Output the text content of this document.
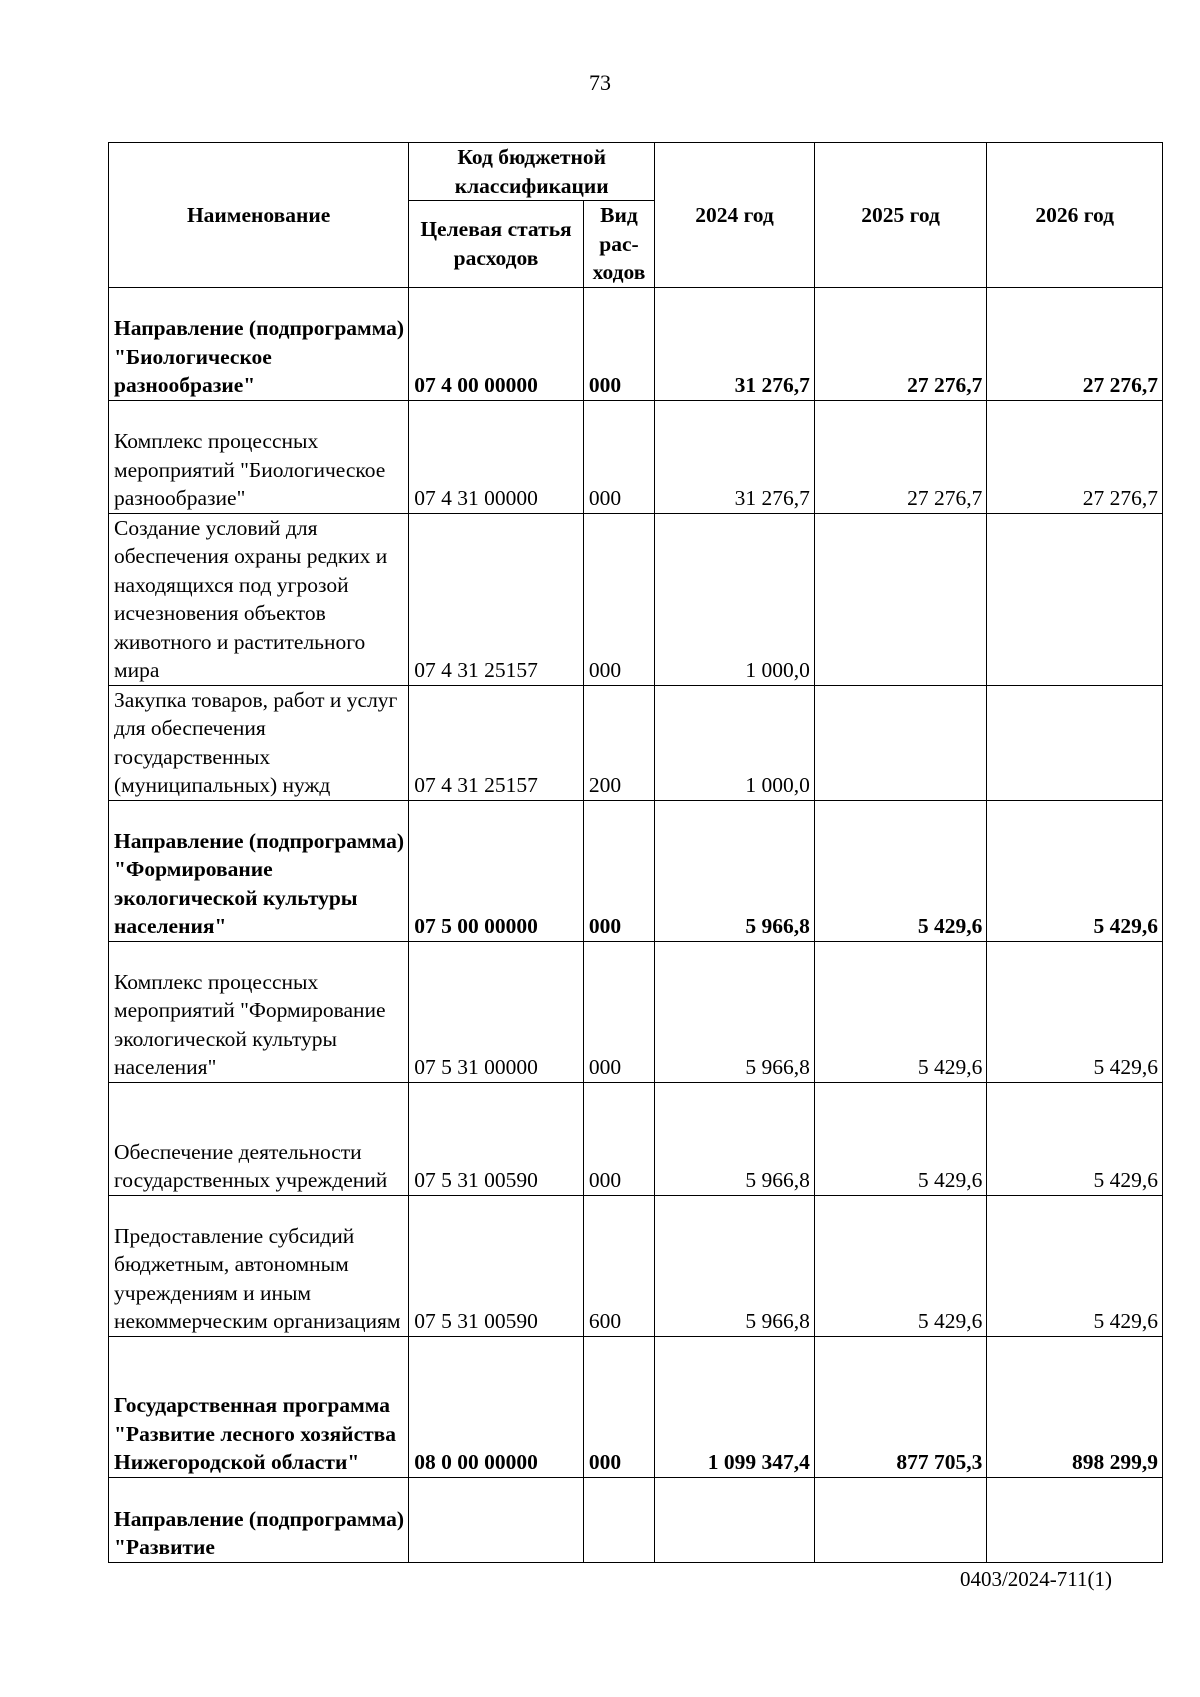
73
Наименование	Код бюджетной классификации		2024 год	2025 год	2026 год
	Целевая статья расходов	Вид рас-ходов			
Направление (подпрограмма) "Биологическое разнообразие"	07 4 00 00000	000	31 276,7	27 276,7	27 276,7
Комплекс процессных мероприятий "Биологическое разнообразие"	07 4 31 00000	000	31 276,7	27 276,7	27 276,7
Создание условий для обеспечения охраны редких и находящихся под угрозой исчезновения объектов животного и растительного мира	07 4 31 25157	000	1 000,0		
Закупка товаров, работ и услуг для обеспечения государственных (муниципальных) нужд	07 4 31 25157	200	1 000,0		
Направление (подпрограмма) "Формирование экологической культуры населения"	07 5 00 00000	000	5 966,8	5 429,6	5 429,6
Комплекс процессных мероприятий "Формирование экологической культуры населения"	07 5 31 00000	000	5 966,8	5 429,6	5 429,6
Обеспечение деятельности государственных учреждений	07 5 31 00590	000	5 966,8	5 429,6	5 429,6
Предоставление субсидий бюджетным, автономным учреждениям и иным некоммерческим организациям	07 5 31 00590	600	5 966,8	5 429,6	5 429,6
Государственная программа "Развитие лесного хозяйства Нижегородской области"	08 0 00 00000	000	1 099 347,4	877 705,3	898 299,9
Направление (подпрограмма) "Развитие					
0403/2024-711(1)
